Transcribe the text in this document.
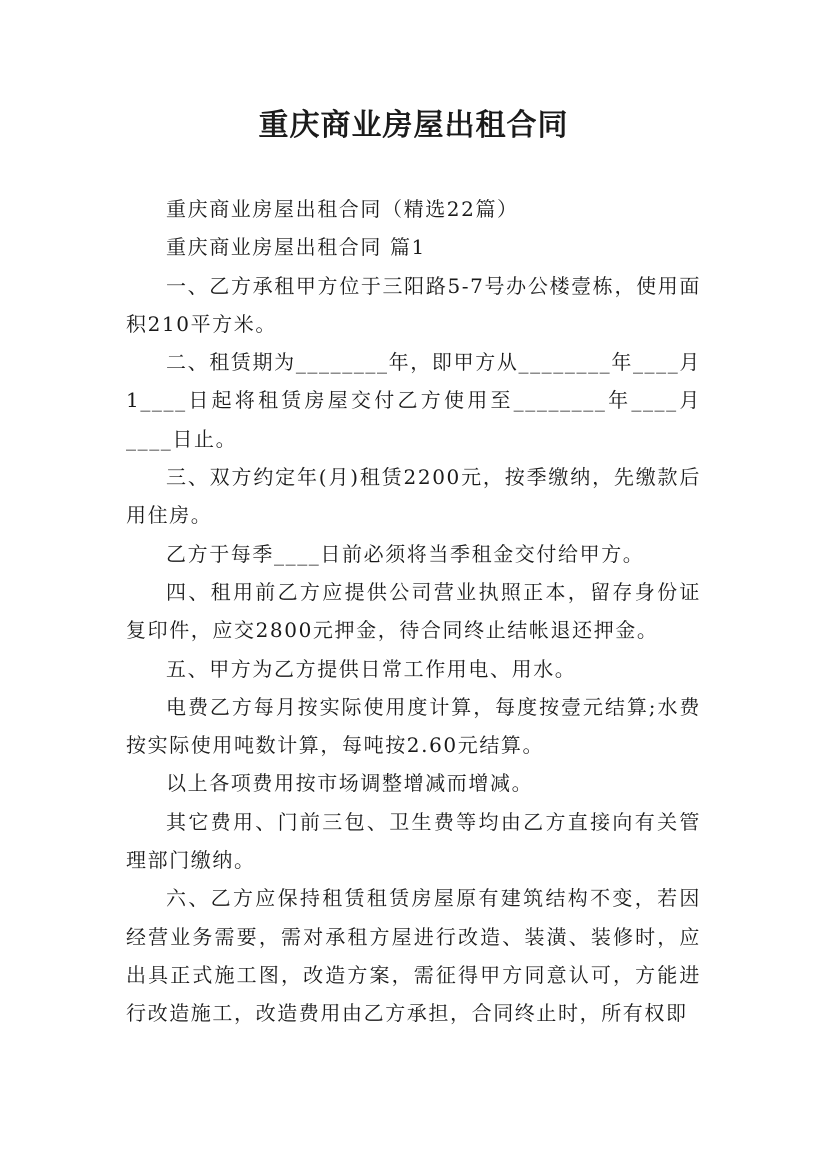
重庆商业房屋出租合同

重庆商业房屋出租合同（精选22篇）

重庆商业房屋出租合同 篇1

一、乙方承租甲方位于三阳路5-7号办公楼壹栋，使用面积210平方米。

二、租赁期为________年，即甲方从________年____月1____日起将租赁房屋交付乙方使用至________年____月____日止。

三、双方约定年(月)租赁2200元，按季缴纳，先缴款后用住房。

乙方于每季____日前必须将当季租金交付给甲方。

四、租用前乙方应提供公司营业执照正本，留存身份证复印件，应交2800元押金，待合同终止结帐退还押金。

五、甲方为乙方提供日常工作用电、用水。

电费乙方每月按实际使用度计算，每度按壹元结算;水费按实际使用吨数计算，每吨按2.60元结算。

以上各项费用按市场调整增减而增减。

其它费用、门前三包、卫生费等均由乙方直接向有关管理部门缴纳。

六、乙方应保持租赁租赁房屋原有建筑结构不变，若因经营业务需要，需对承租方屋进行改造、装潢、装修时，应出具正式施工图，改造方案，需征得甲方同意认可，方能进行改造施工，改造费用由乙方承担，合同终止时，所有权即
